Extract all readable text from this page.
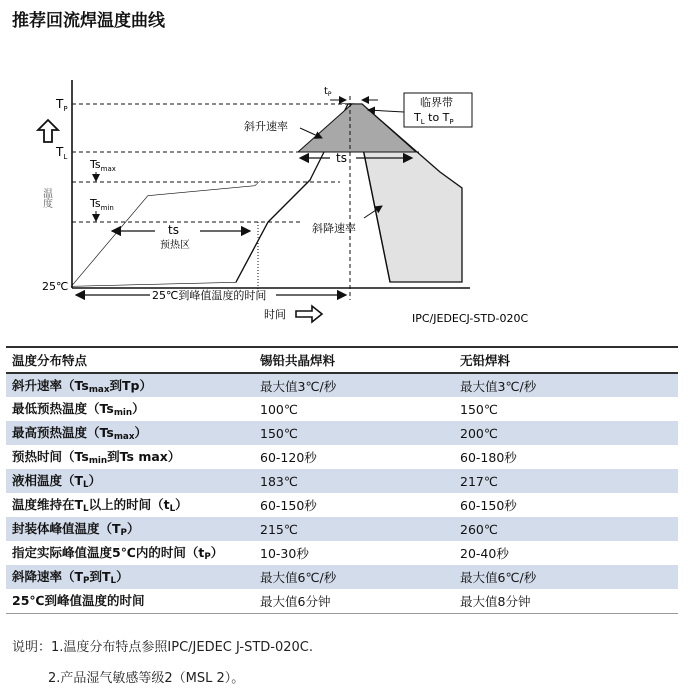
推荐回流焊温度曲线
$T_P$
$T_L$
25℃
温度
$Ts_{max}$
$Ts_{min}$
ts
预热区
ts
$t_P$
斜升速率
斜降速率
临界带
$T_L$ to $T_P$
25℃到峰值温度的时间
时间	IPC/JEDECJ-STD-020C
温度分布特点	锡铅共晶焊料	无铅焊料
斜升速率（$Ts_{max}$到Tp）	最大值3℃/秒	最大值3℃/秒
最低预热温度$(Ts_{min})$	100℃	150℃
最高预热温度$(Ts_{max})$	150℃	200℃
预热时间（$Ts_{min}$到Ts max）	60-120秒	60-180秒
液相温度$(T_L)$	183℃	217℃
温度维持在$T_L$以上的时间$(t_L)$	60-150秒	60-150秒
封装体峰值温度$(T_P)$	215℃	260℃
指定实际峰值温度5℃内的时间$(t_P)$	10-30秒	20-40秒
斜降速率（$T_P$到$T_L$）	最大值6℃/秒	最大值6℃/秒
25℃到峰值温度的时间	最大值6分钟	最大值8分钟
说明：1.温度分布特点参照IPC/JEDEC J-STD-020C.
2.产品湿气敏感等级2（MSL 2）。
